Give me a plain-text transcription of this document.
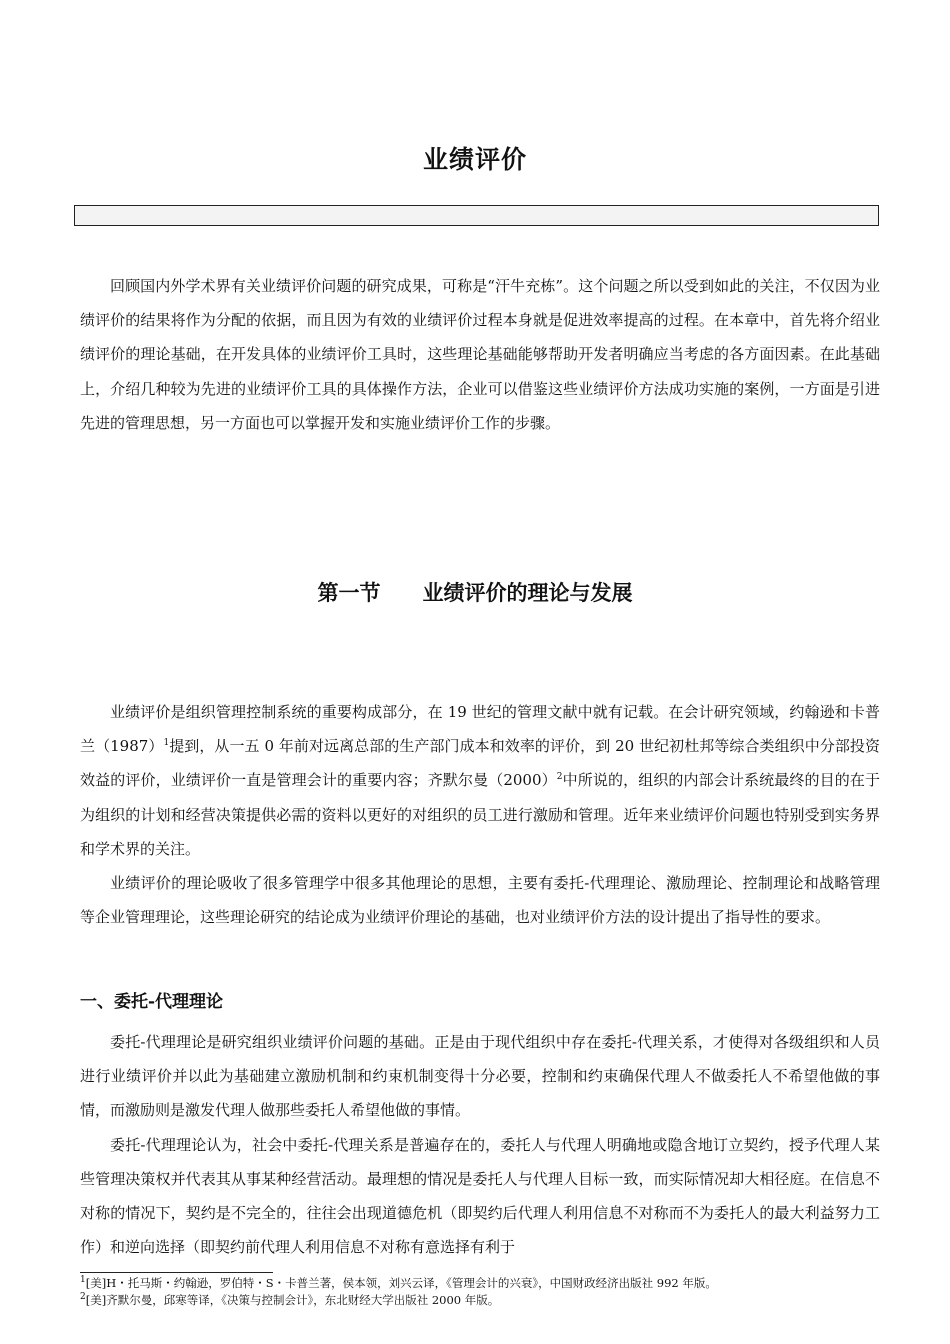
业绩评价

回顾国内外学术界有关业绩评价问题的研究成果，可称是“汗牛充栋”。这个问题之所以受到如此的关注，不仅因为业绩评价的结果将作为分配的依据，而且因为有效的业绩评价过程本身就是促进效率提高的过程。在本章中，首先将介绍业绩评价的理论基础，在开发具体的业绩评价工具时，这些理论基础能够帮助开发者明确应当考虑的各方面因素。在此基础上，介绍几种较为先进的业绩评价工具的具体操作方法，企业可以借鉴这些业绩评价方法成功实施的案例，一方面是引进先进的管理思想，另一方面也可以掌握开发和实施业绩评价工作的步骤。

第一节　　业绩评价的理论与发展

业绩评价是组织管理控制系统的重要构成部分，在 19 世纪的管理文献中就有记载。在会计研究领域，约翰逊和卡普兰$(1987)^1$提到，从一五 0 年前对远离总部的生产部门成本和效率的评价，到 20 世纪初杜邦等综合类组织中分部投资效益的评价，业绩评价一直是管理会计的重要内容；齐默尔曼$(2000)^2$中所说的，组织的内部会计系统最终的目的在于为组织的计划和经营决策提供必需的资料以更好的对组织的员工进行激励和管理。近年来业绩评价问题也特别受到实务界和学术界的关注。

业绩评价的理论吸收了很多管理学中很多其他理论的思想，主要有委托-代理理论、激励理论、控制理论和战略管理等企业管理理论，这些理论研究的结论成为业绩评价理论的基础，也对业绩评价方法的设计提出了指导性的要求。

一、委托-代理理论

委托-代理理论是研究组织业绩评价问题的基础。正是由于现代组织中存在委托-代理关系，才使得对各级组织和人员进行业绩评价并以此为基础建立激励机制和约束机制变得十分必要，控制和约束确保代理人不做委托人不希望他做的事情，而激励则是激发代理人做那些委托人希望他做的事情。

委托-代理理论认为，社会中委托-代理关系是普遍存在的，委托人与代理人明确地或隐含地订立契约，授予代理人某些管理决策权并代表其从事某种经营活动。最理想的情况是委托人与代理人目标一致，而实际情况却大相径庭。在信息不对称的情况下，契约是不完全的，往往会出现道德危机（即契约后代理人利用信息不对称而不为委托人的最大利益努力工作）和逆向选择（即契约前代理人利用信息不对称有意选择有利于

$^1$[美]H・托马斯・约翰逊，罗伯特・S・卡普兰著，侯本领，刘兴云译，《管理会计的兴衰》，中国财政经济出版社 992 年版。
$^2$[美]齐默尔曼，邱寒等译，《决策与控制会计》，东北财经大学出版社 2000 年版。
